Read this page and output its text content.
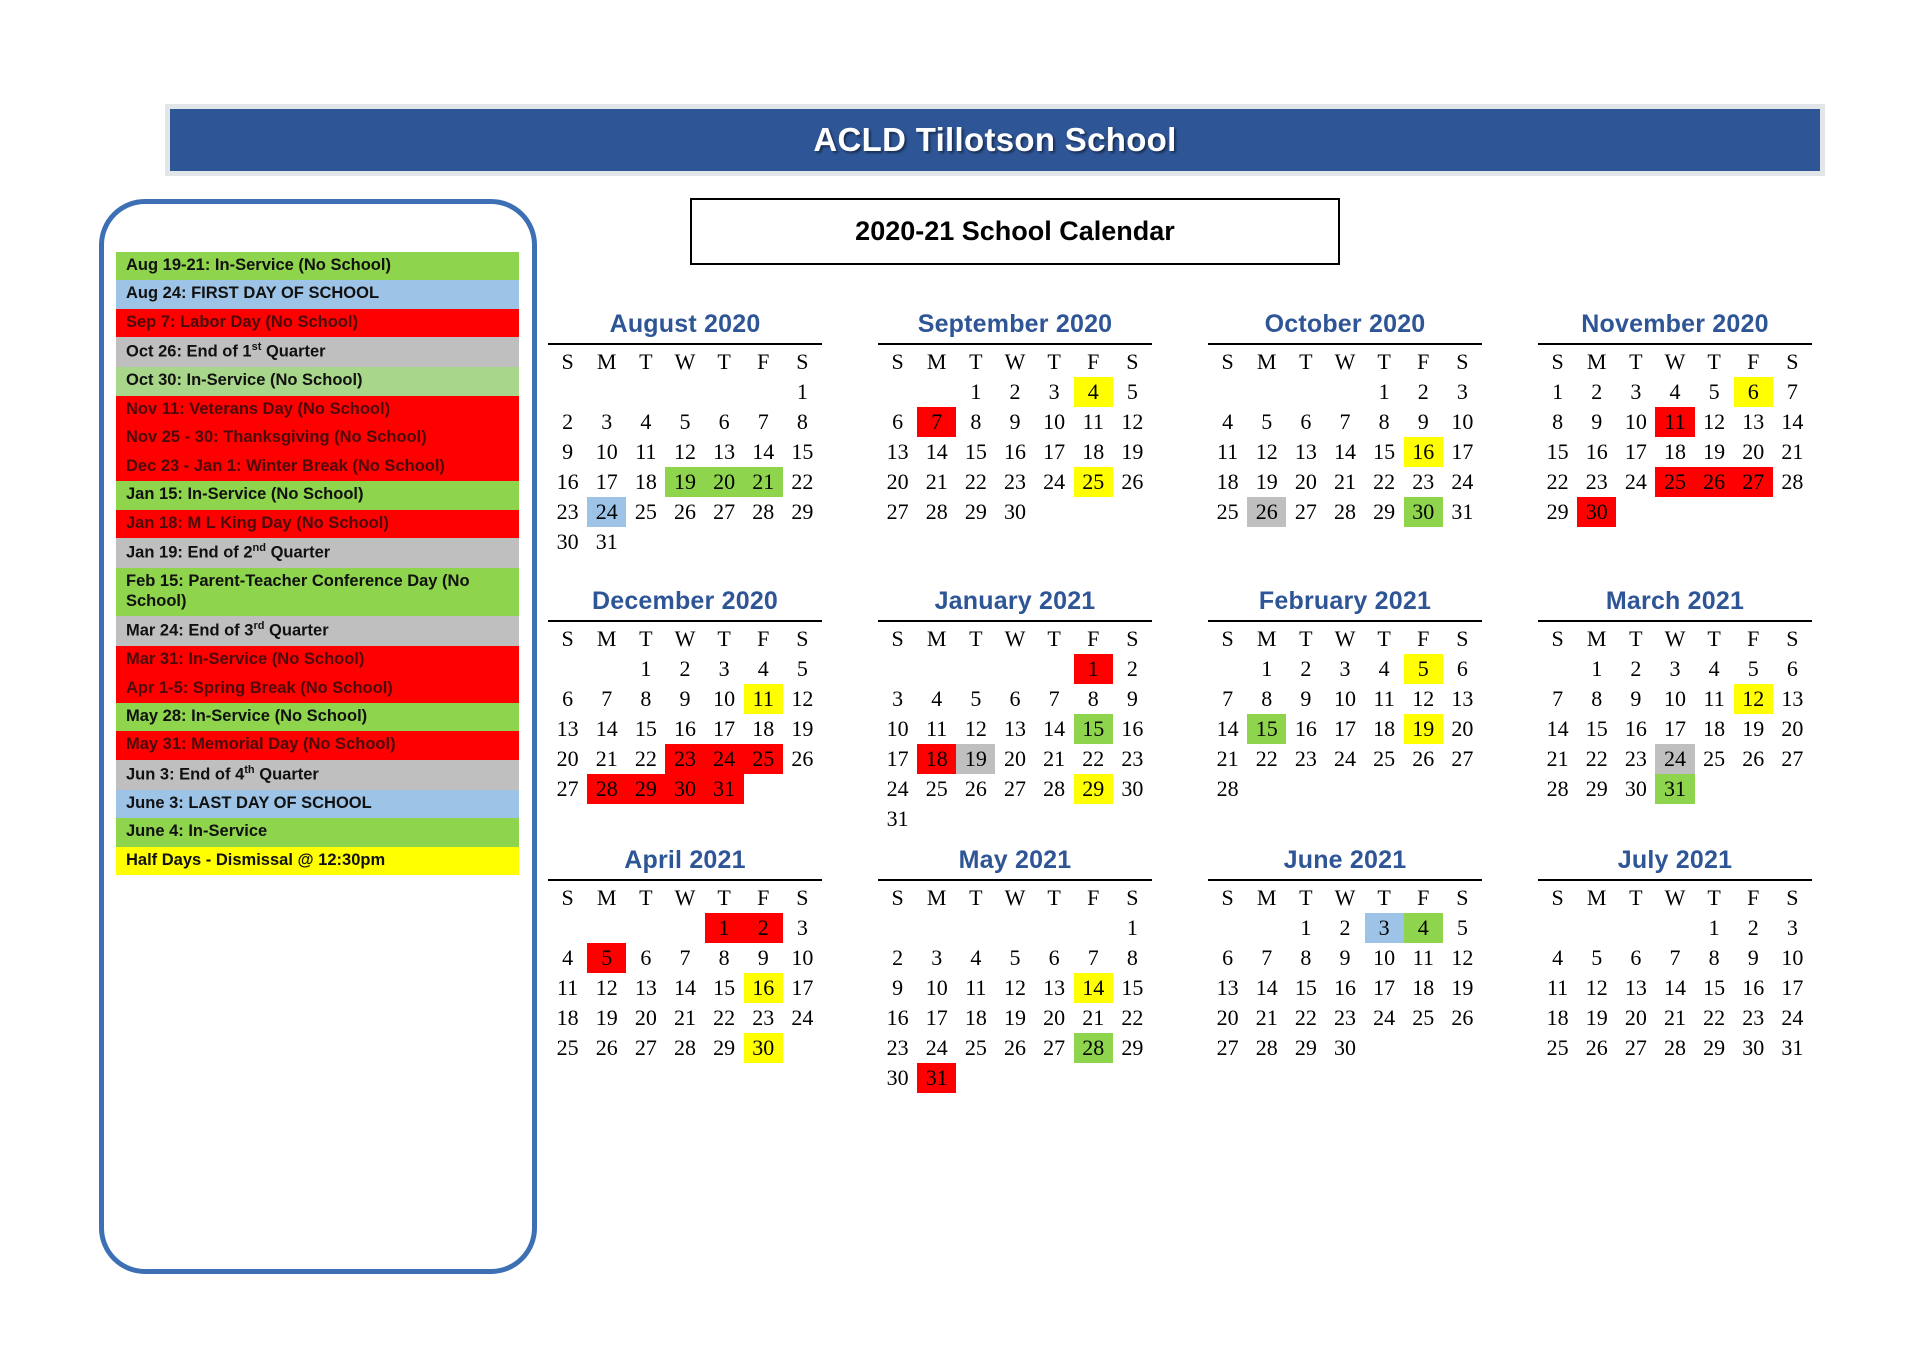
ACLD Tillotson School
2020-21 School Calendar
Aug 19-21: In-Service (No School)
Aug 24: FIRST DAY OF SCHOOL
Sep 7: Labor Day (No School)
Oct 26: End of 1st Quarter
Oct 30: In-Service (No School)
Nov 11: Veterans Day (No School)
Nov 25 - 30: Thanksgiving (No School)
Dec 23 - Jan 1: Winter Break (No School)
Jan 15: In-Service (No School)
Jan 18: M L King Day (No School)
Jan 19: End of 2nd Quarter
Feb 15: Parent-Teacher Conference Day (No School)
Mar 24: End of 3rd Quarter
Mar 31: In-Service (No School)
Apr 1-5: Spring Break (No School)
May 28: In-Service (No School)
May 31: Memorial Day (No School)
Jun 3: End of 4th Quarter
June 3: LAST DAY OF SCHOOL
June 4: In-Service
Half Days - Dismissal @ 12:30pm
August 2020
S	M	T	W	T	F	S
						1
2	3	4	5	6	7	8
9	10	11	12	13	14	15
16	17	18	19	20	21	22
23	24	25	26	27	28	29
30	31					
September 2020
S	M	T	W	T	F	S
		1	2	3	4	5
6	7	8	9	10	11	12
13	14	15	16	17	18	19
20	21	22	23	24	25	26
27	28	29	30			
October 2020
S	M	T	W	T	F	S
				1	2	3
4	5	6	7	8	9	10
11	12	13	14	15	16	17
18	19	20	21	22	23	24
25	26	27	28	29	30	31
November 2020
S	M	T	W	T	F	S
1	2	3	4	5	6	7
8	9	10	11	12	13	14
15	16	17	18	19	20	21
22	23	24	25	26	27	28
29	30					
December 2020
S	M	T	W	T	F	S
		1	2	3	4	5
6	7	8	9	10	11	12
13	14	15	16	17	18	19
20	21	22	23	24	25	26
27	28	29	30	31		
January 2021
S	M	T	W	T	F	S
					1	2
3	4	5	6	7	8	9
10	11	12	13	14	15	16
17	18	19	20	21	22	23
24	25	26	27	28	29	30
31						
February 2021
S	M	T	W	T	F	S
	1	2	3	4	5	6
7	8	9	10	11	12	13
14	15	16	17	18	19	20
21	22	23	24	25	26	27
28						
March 2021
S	M	T	W	T	F	S
	1	2	3	4	5	6
7	8	9	10	11	12	13
14	15	16	17	18	19	20
21	22	23	24	25	26	27
28	29	30	31			
April 2021
S	M	T	W	T	F	S
				1	2	3
4	5	6	7	8	9	10
11	12	13	14	15	16	17
18	19	20	21	22	23	24
25	26	27	28	29	30	
May 2021
S	M	T	W	T	F	S
						1
2	3	4	5	6	7	8
9	10	11	12	13	14	15
16	17	18	19	20	21	22
23	24	25	26	27	28	29
30	31					
June 2021
S	M	T	W	T	F	S
		1	2	3	4	5
6	7	8	9	10	11	12
13	14	15	16	17	18	19
20	21	22	23	24	25	26
27	28	29	30			
July 2021
S	M	T	W	T	F	S
				1	2	3
4	5	6	7	8	9	10
11	12	13	14	15	16	17
18	19	20	21	22	23	24
25	26	27	28	29	30	31
